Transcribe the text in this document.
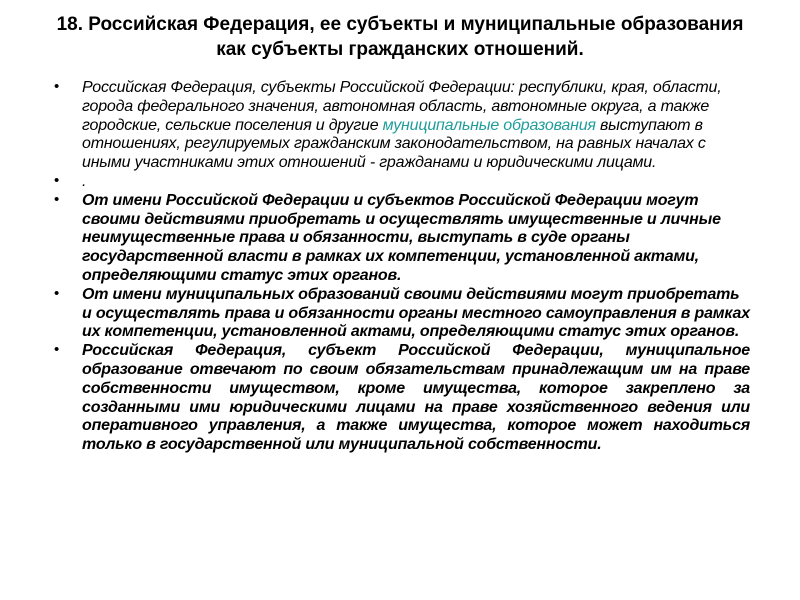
18. Российская Федерация, ее субъекты и муниципальные образования как субъекты гражданских отношений.
• Российская Федерация, субъекты Российской Федерации: республики, края, области, города федерального значения, автономная область, автономные округа, а также городские, сельские поселения и другие муниципальные образования выступают в отношениях, регулируемых гражданским законодательством, на равных началах с иными участниками этих отношений - гражданами и юридическими лицами.
• .
• От имени Российской Федерации и субъектов Российской Федерации могут своими действиями приобретать и осуществлять имущественные и личные неимущественные права и обязанности, выступать в суде органы государственной власти в рамках их компетенции, установленной актами, определяющими статус этих органов.
• От имени муниципальных образований своими действиями могут приобретать и осуществлять права и обязанности органы местного самоуправления в рамках их компетенции, установленной актами, определяющими статус этих органов.
• Российская Федерация, субъект Российской Федерации, муниципальное образование отвечают по своим обязательствам принадлежащим им на праве собственности имуществом, кроме имущества, которое закреплено за созданными ими юридическими лицами на праве хозяйственного ведения или оперативного управления, а также имущества, которое может находиться только в государственной или муниципальной собственности.
